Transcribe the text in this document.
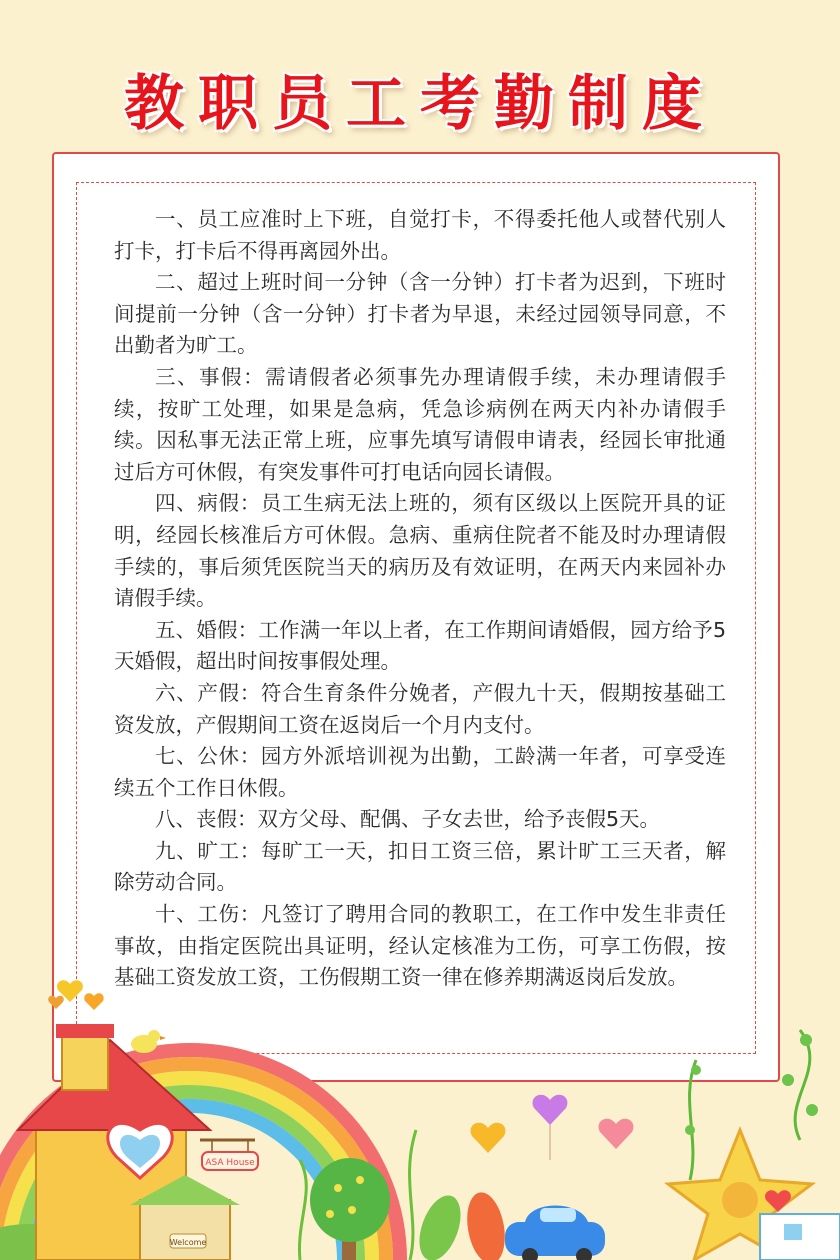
教职员工考勤制度

一、员工应准时上下班，自觉打卡，不得委托他人或替代别人打卡，打卡后不得再离园外出。

二、超过上班时间一分钟（含一分钟）打卡者为迟到，下班时间提前一分钟（含一分钟）打卡者为早退，未经过园领导同意，不出勤者为旷工。

三、事假：需请假者必须事先办理请假手续，未办理请假手续，按旷工处理，如果是急病，凭急诊病例在两天内补办请假手续。因私事无法正常上班，应事先填写请假申请表，经园长审批通过后方可休假，有突发事件可打电话向园长请假。

四、病假：员工生病无法上班的，须有区级以上医院开具的证明，经园长核准后方可休假。急病、重病住院者不能及时办理请假手续的，事后须凭医院当天的病历及有效证明，在两天内来园补办请假手续。

五、婚假：工作满一年以上者，在工作期间请婚假，园方给予5天婚假，超出时间按事假处理。

六、产假：符合生育条件分娩者，产假九十天，假期按基础工资发放，产假期间工资在返岗后一个月内支付。

七、公休：园方外派培训视为出勤，工龄满一年者，可享受连续五个工作日休假。

八、丧假：双方父母、配偶、子女去世，给予丧假5天。

九、旷工：每旷工一天，扣日工资三倍，累计旷工三天者，解除劳动合同。

十、工伤：凡签订了聘用合同的教职工，在工作中发生非责任事故，由指定医院出具证明，经认定核准为工伤，可享工伤假，按基础工资发放工资，工伤假期工资一律在修养期满返岗后发放。

Welcome
ASA House
